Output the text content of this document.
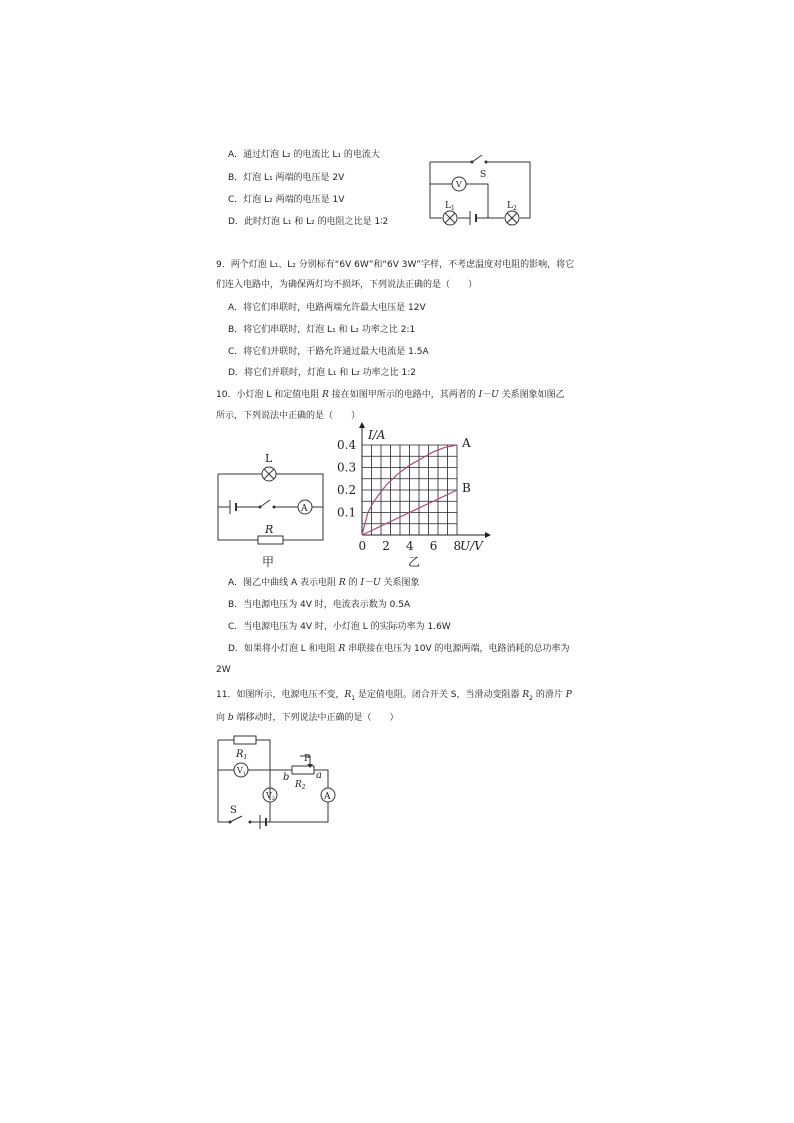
A．通过灯泡 L₂ 的电流比 L₁ 的电流大
B．灯泡 L₁ 两端的电压是 2V
C．灯泡 L₂ 两端的电压是 1V
D．此时灯泡 L₁ 和 L₂ 的电阻之比是 1∶2
S
V
$L_1$	$L_2$
9．两个灯泡 L₁、L₂ 分别标有“6V 6W”和“6V 3W”字样，不考虑温度对电阻的影响，将它
们连入电路中，为确保两灯均不损坏，下列说法正确的是（　　）
A．将它们串联时，电路两端允许最大电压是 12V
B．将它们串联时，灯泡 L₁ 和 L₂ 功率之比 2:1
C．将它们并联时，干路允许通过最大电流是 1.5A
D．将它们并联时，灯泡 L₁ 和 L₂ 功率之比 1:2
10．小灯泡 L 和定值电阻 R 接在如图甲所示的电路中，其两者的 I－U 关系图象如图乙
所示，下列说法中正确的是（　　）
L
A
R
甲
0 2 4 6 8
0.1
0.2
0.3
0.4
I/A
U/V
A
B
乙
A．图乙中曲线 A 表示电阻 R 的 I－U 关系图象
B．当电源电压为 4V 时，电流表示数为 0.5A
C．当电源电压为 4V 时，小灯泡 L 的实际功率为 1.6W
D．如果将小灯泡 L 和电阻 R 串联接在电压为 10V 的电源两端，电路消耗的总功率为
2W
11．如图所示，电源电压不变，$R_1$ 是定值电阻。闭合开关 S，当滑动变阻器 $R_2$ 的滑片 P
向 b 端移动时，下列说法中正确的是（　　）
$R_1$
$V_1$
$V_2$
P
b	a
$R_2$
A
S
